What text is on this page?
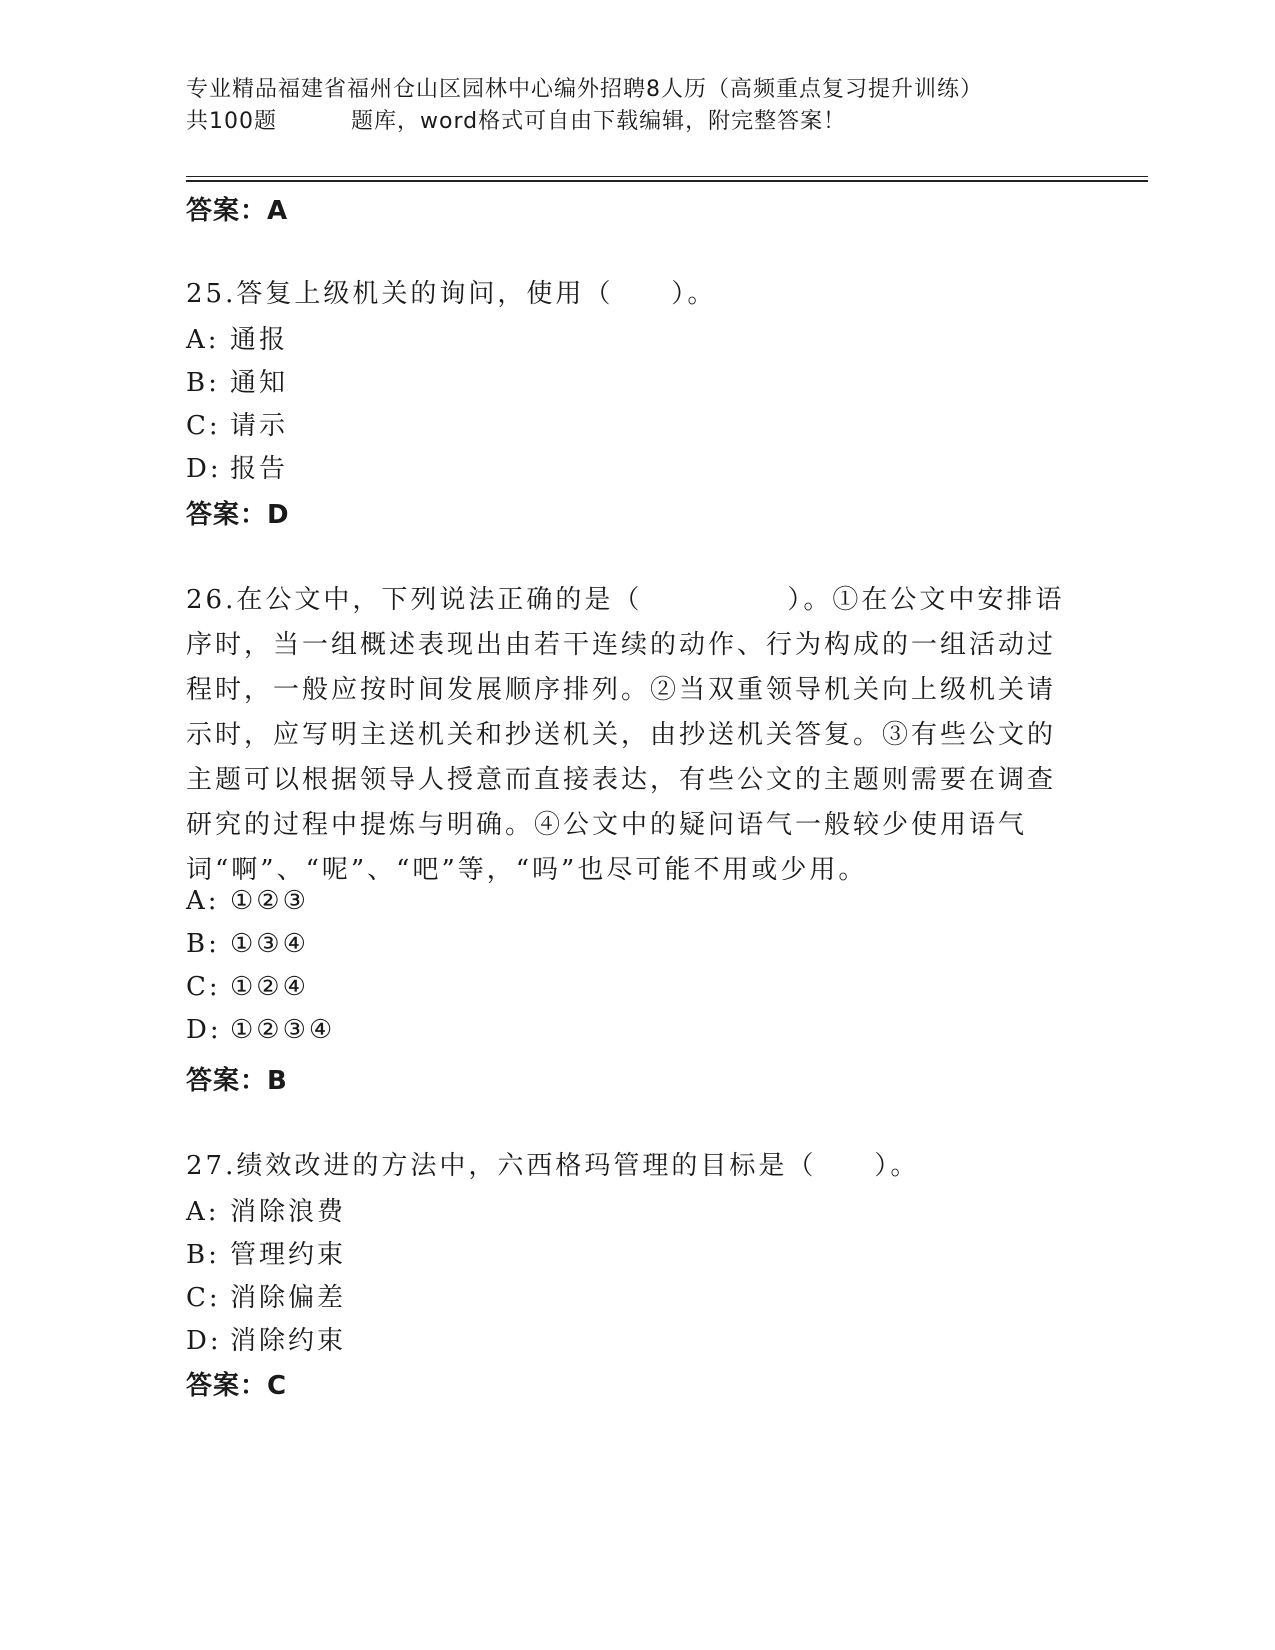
专业精品福建省福州仓山区园林中心编外招聘8人历（高频重点复习提升训练）
共100题	题库，word格式可自由下载编辑，附完整答案！
答案：A
25.答复上级机关的询问，使用（　　）。
A: 通报
B: 通知
C: 请示
D: 报告
答案：D
26.在公文中，下列说法正确的是（　　　　　）。①在公文中安排语序时，当一组概述表现出由若干连续的动作、行为构成的一组活动过程时，一般应按时间发展顺序排列。②当双重领导机关向上级机关请示时，应写明主送机关和抄送机关，由抄送机关答复。③有些公文的主题可以根据领导人授意而直接表达，有些公文的主题则需要在调查研究的过程中提炼与明确。④公文中的疑问语气一般较少使用语气词“啊”、“呢”、“吧”等，“吗”也尽可能不用或少用。
A: ①②③
B: ①③④
C: ①②④
D: ①②③④
答案：B
27.绩效改进的方法中，六西格玛管理的目标是（　　）。
A: 消除浪费
B: 管理约束
C: 消除偏差
D: 消除约束
答案：C
